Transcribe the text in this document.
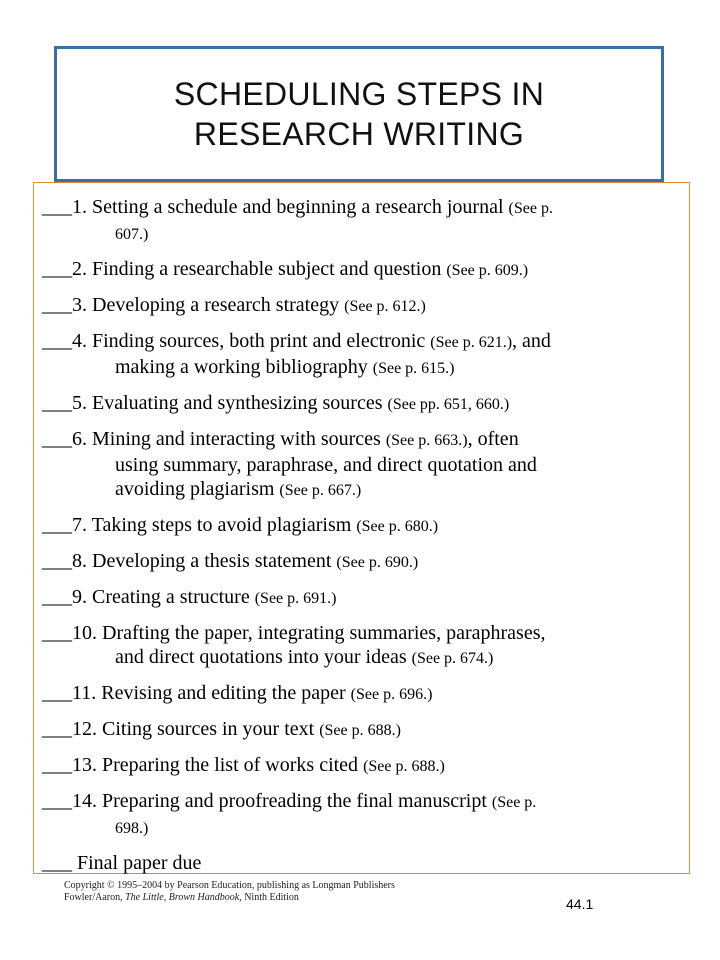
SCHEDULING STEPS IN
RESEARCH WRITING
___1. Setting a schedule and beginning a research journal (See p.
607.)
___2. Finding a researchable subject and question (See p. 609.)
___3. Developing a research strategy (See p. 612.)
___4. Finding sources, both print and electronic (See p. 621.), and
making a working bibliography (See p. 615.)
___5. Evaluating and synthesizing sources (See pp. 651, 660.)
___6. Mining and interacting with sources (See p. 663.), often
using summary, paraphrase, and direct quotation and
avoiding plagiarism (See p. 667.)
___7. Taking steps to avoid plagiarism (See p. 680.)
___8. Developing a thesis statement (See p. 690.)
___9. Creating a structure (See p. 691.)
___10. Drafting the paper, integrating summaries, paraphrases,
and direct quotations into your ideas (See p. 674.)
___11. Revising and editing the paper (See p. 696.)
___12. Citing sources in your text (See p. 688.)
___13. Preparing the list of works cited (See p. 688.)
___14. Preparing and proofreading the final manuscript (See p.
698.)
___ Final paper due
Copyright © 1995–2004 by Pearson Education, publishing as Longman Publishers
Fowler/Aaron, The Little, Brown Handbook, Ninth Edition	44.1
